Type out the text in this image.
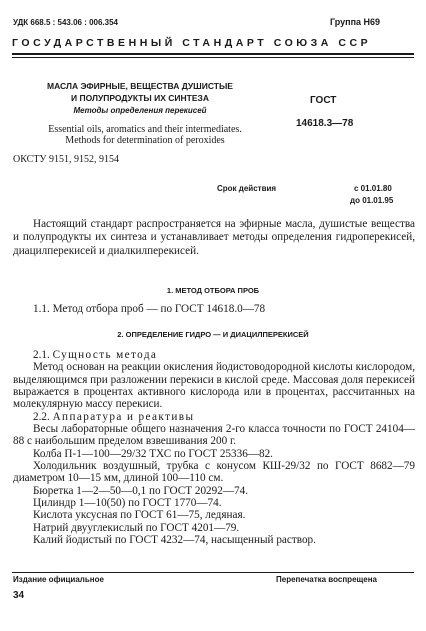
УДК 668.5 : 543.06 : 006.354	Группа Н69
ГОСУДАРСТВЕННЫЙ СТАНДАРТ СОЮЗА ССР
МАСЛА ЭФИРНЫЕ, ВЕЩЕСТВА ДУШИСТЫЕ
И ПОЛУПРОДУКТЫ ИХ СИНТЕЗА
Методы определения перекисей
ГОСТ
14618.3—78
Essential oils, aromatics and their intermediates.
Methods for determination of peroxides
ОКСТУ 9151, 9152, 9154
Срок действия	с 01.01.80
до 01.01.95

Настоящий стандарт распространяется на эфирные масла, душистые вещества и полупродукты их синтеза и устанавливает методы определения гидроперекисей, диацилперекисей и диалкилперекисей.

1. МЕТОД ОТБОРА ПРОБ
1.1. Метод отбора проб — по ГОСТ 14618.0—78
2. ОПРЕДЕЛЕНИЕ ГИДРО — И ДИАЦИЛПЕРЕКИСЕЙ

2.1. Сущность метода

Метод основан на реакции окисления йодистоводородной кислоты кислородом, выделяющимся при разложении перекиси в кислой среде. Массовая доля перекисей выражается в процентах активного кислорода или в процентах, рассчитанных на молекулярную массу перекиси.

2.2. Аппаратура и реактивы

Весы лабораторные общего назначения 2-го класса точности по ГОСТ 24104—88 с наибольшим пределом взвешивания 200 г.

Колба П-1—100—29/32 ТХС по ГОСТ 25336—82.

Холодильник воздушный, трубка с конусом КШ-29/32 по ГОСТ 8682—79 диаметром 10—15 мм, длиной 100—110 см.

Бюретка 1—2—50—0,1 по ГОСТ 20292—74.

Цилиндр 1—10(50) по ГОСТ 1770—74.

Кислота уксусная по ГОСТ 61—75, ледяная.

Натрий двууглекислый по ГОСТ 4201—79.

Калий йодистый по ГОСТ 4232—74, насыщенный раствор.

Издание официальное	Перепечатка воспрещена
34
